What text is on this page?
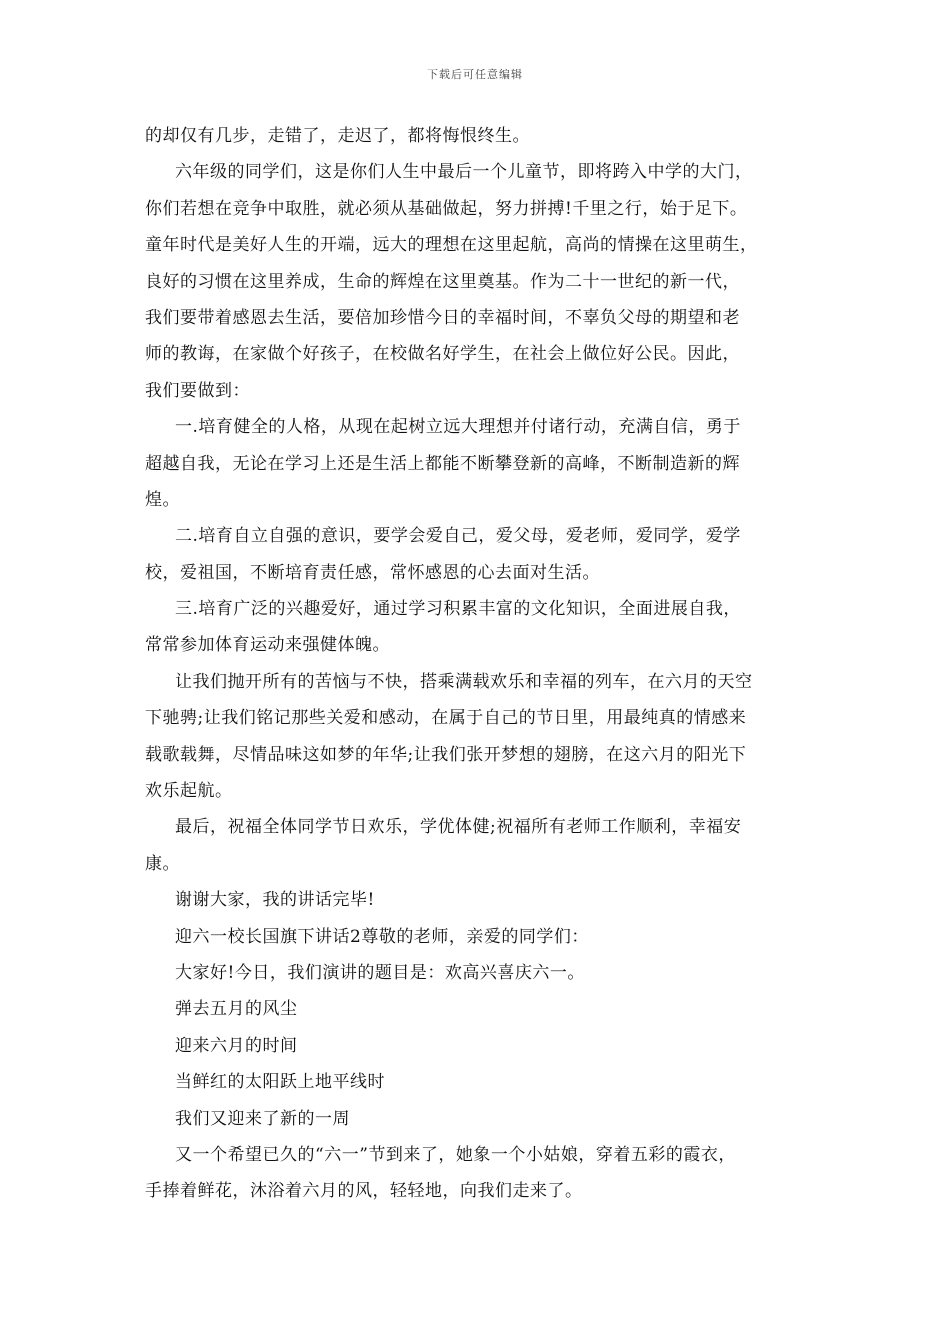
下载后可任意编辑
的却仅有几步，走错了，走迟了，都将悔恨终生。
六年级的同学们，这是你们人生中最后一个儿童节，即将跨入中学的大门，
你们若想在竞争中取胜，就必须从基础做起，努力拼搏!千里之行，始于足下。
童年时代是美好人生的开端，远大的理想在这里起航，高尚的情操在这里萌生，
良好的习惯在这里养成，生命的辉煌在这里奠基。作为二十一世纪的新一代，
我们要带着感恩去生活，要倍加珍惜今日的幸福时间，不辜负父母的期望和老
师的教诲，在家做个好孩子，在校做名好学生，在社会上做位好公民。因此，
我们要做到：
一.培育健全的人格，从现在起树立远大理想并付诸行动，充满自信，勇于
超越自我，无论在学习上还是生活上都能不断攀登新的高峰，不断制造新的辉
煌。
二.培育自立自强的意识，要学会爱自己，爱父母，爱老师，爱同学，爱学
校，爱祖国，不断培育责任感，常怀感恩的心去面对生活。
三.培育广泛的兴趣爱好，通过学习积累丰富的文化知识，全面进展自我，
常常参加体育运动来强健体魄。
让我们抛开所有的苦恼与不快，搭乘满载欢乐和幸福的列车，在六月的天空
下驰骋;让我们铭记那些关爱和感动，在属于自己的节日里，用最纯真的情感来
载歌载舞，尽情品味这如梦的年华;让我们张开梦想的翅膀，在这六月的阳光下
欢乐起航。
最后，祝福全体同学节日欢乐，学优体健;祝福所有老师工作顺利，幸福安
康。
谢谢大家，我的讲话完毕!
迎六一校长国旗下讲话2尊敬的老师，亲爱的同学们：
大家好!今日，我们演讲的题目是：欢高兴喜庆六一。
弹去五月的风尘
迎来六月的时间
当鲜红的太阳跃上地平线时
我们又迎来了新的一周
又一个希望已久的“六一”节到来了，她象一个小姑娘，穿着五彩的霞衣，
手捧着鲜花，沐浴着六月的风，轻轻地，向我们走来了。
